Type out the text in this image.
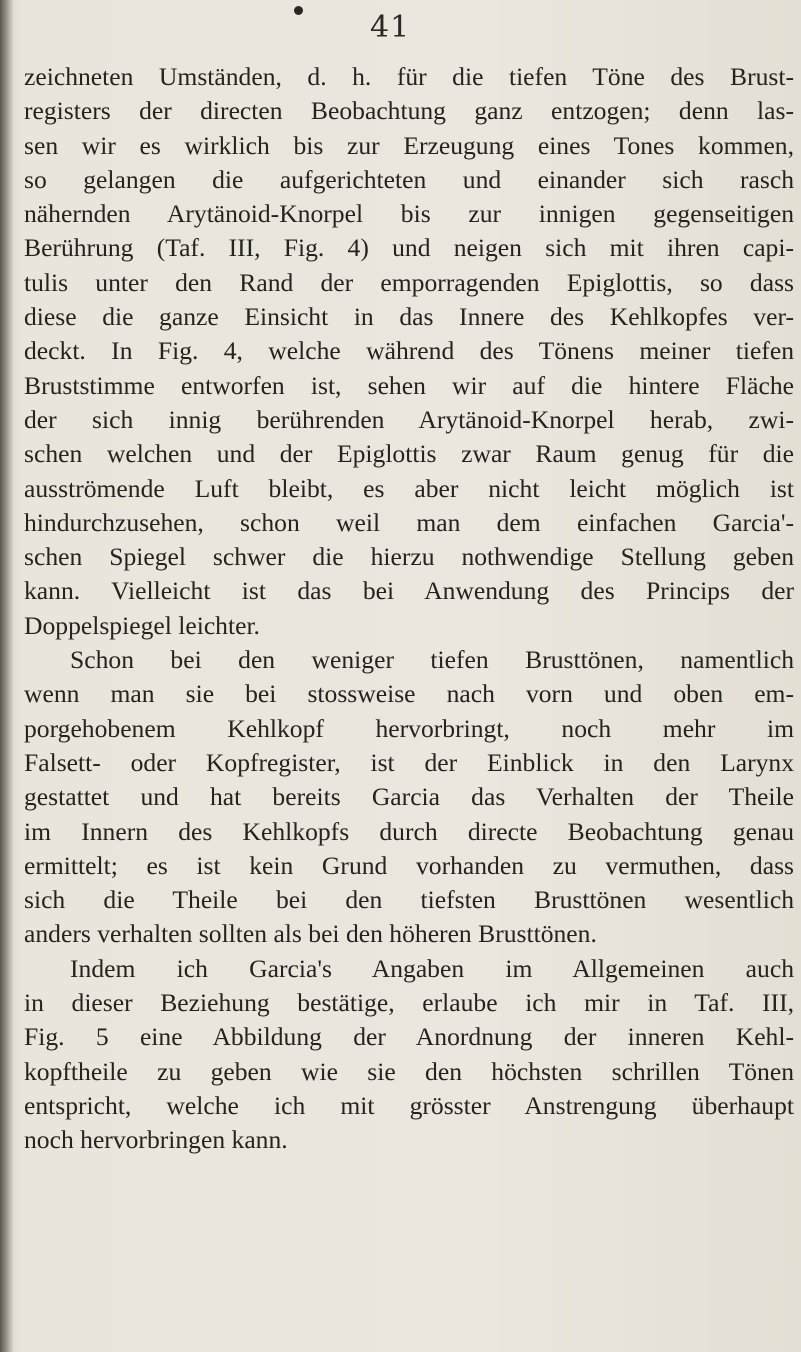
41
zeichneten Umständen, d. h. für die tiefen Töne des Brust-
registers der directen Beobachtung ganz entzogen; denn las-
sen wir es wirklich bis zur Erzeugung eines Tones kommen,
so gelangen die aufgerichteten und einander sich rasch
nähernden Arytänoid-Knorpel bis zur innigen gegenseitigen
Berührung (Taf. III, Fig. 4) und neigen sich mit ihren capi-
tulis unter den Rand der emporragenden Epiglottis, so dass
diese die ganze Einsicht in das Innere des Kehlkopfes ver-
deckt. In Fig. 4, welche während des Tönens meiner tiefen
Bruststimme entworfen ist, sehen wir auf die hintere Fläche
der sich innig berührenden Arytänoid-Knorpel herab, zwi-
schen welchen und der Epiglottis zwar Raum genug für die
ausströmende Luft bleibt, es aber nicht leicht möglich ist
hindurchzusehen, schon weil man dem einfachen Garcia'-
schen Spiegel schwer die hierzu nothwendige Stellung geben
kann. Vielleicht ist das bei Anwendung des Princips der
Doppelspiegel leichter.
Schon bei den weniger tiefen Brusttönen, namentlich
wenn man sie bei stossweise nach vorn und oben em-
porgehobenem Kehlkopf hervorbringt, noch mehr im
Falsett- oder Kopfregister, ist der Einblick in den Larynx
gestattet und hat bereits Garcia das Verhalten der Theile
im Innern des Kehlkopfs durch directe Beobachtung genau
ermittelt; es ist kein Grund vorhanden zu vermuthen, dass
sich die Theile bei den tiefsten Brusttönen wesentlich
anders verhalten sollten als bei den höheren Brusttönen.
Indem ich Garcia's Angaben im Allgemeinen auch
in dieser Beziehung bestätige, erlaube ich mir in Taf. III,
Fig. 5 eine Abbildung der Anordnung der inneren Kehl-
kopftheile zu geben wie sie den höchsten schrillen Tönen
entspricht, welche ich mit grösster Anstrengung überhaupt
noch hervorbringen kann.
